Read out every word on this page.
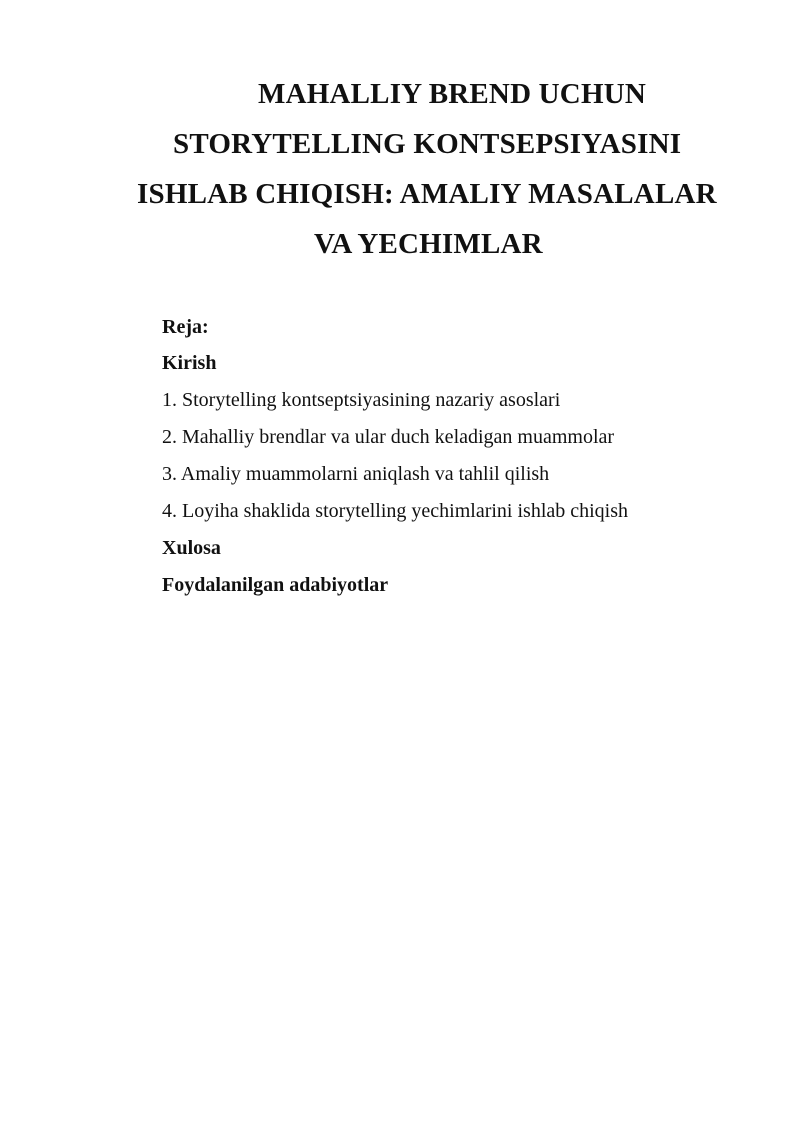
MAHALLIY BREND UCHUN
STORYTELLING KONTSEPSIYASINI
ISHLAB CHIQISH: AMALIY MASALALAR
VA YECHIMLAR
Reja:
Kirish
1. Storytelling kontseptsiyasining nazariy asoslari
2. Mahalliy brendlar va ular duch keladigan muammolar
3. Amaliy muammolarni aniqlash va tahlil qilish
4. Loyiha shaklida storytelling yechimlarini ishlab chiqish
Xulosa
Foydalanilgan adabiyotlar
